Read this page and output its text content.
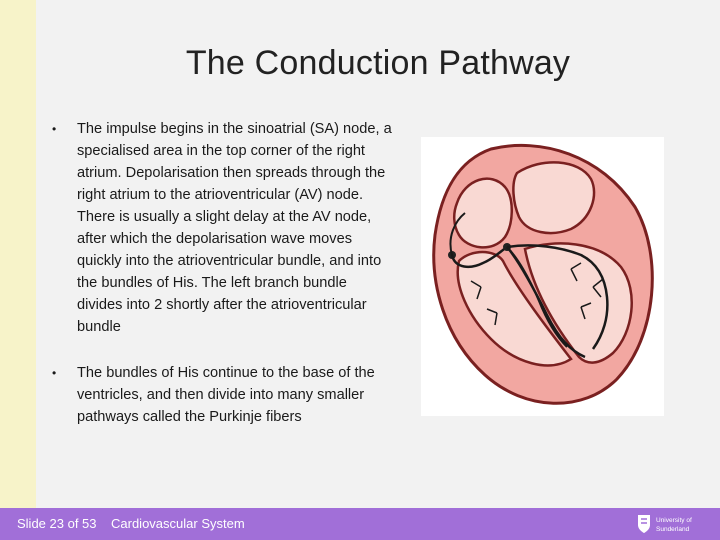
The Conduction Pathway
• The impulse begins in the sinoatrial (SA) node, a specialised area in the top corner of the right atrium. Depolarisation then spreads through the right atrium to the atrioventricular (AV) node. There is usually a slight delay at the AV node, after which the depolarisation wave moves quickly into the atrioventricular bundle, and into the bundles of His. The left branch bundle divides into 2 shortly after the atrioventricular bundle
• The bundles of His continue to the base of the ventricles, and then divide into many smaller pathways called the Purkinje fibers
Slide 23 of 53 Cardiovascular System	University of
Sunderland
